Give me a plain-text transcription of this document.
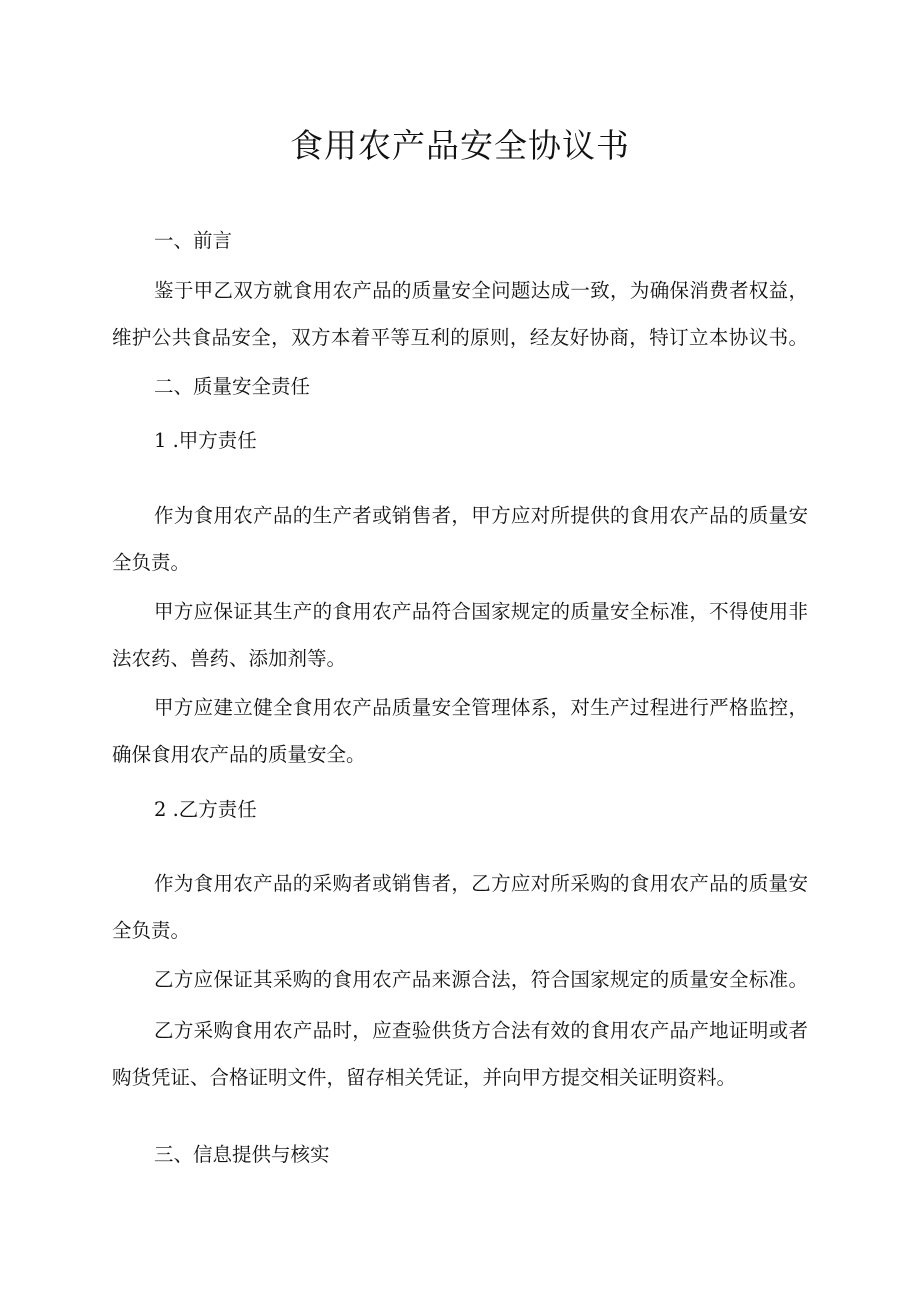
食用农产品安全协议书
一、前言
鉴于甲乙双方就食用农产品的质量安全问题达成一致，为确保消费者权益，
维护公共食品安全，双方本着平等互利的原则，经友好协商，特订立本协议书。
二、质量安全责任
1 .甲方责任
作为食用农产品的生产者或销售者，甲方应对所提供的食用农产品的质量安
全负责。
甲方应保证其生产的食用农产品符合国家规定的质量安全标准，不得使用非
法农药、兽药、添加剂等。
甲方应建立健全食用农产品质量安全管理体系，对生产过程进行严格监控，
确保食用农产品的质量安全。
2 .乙方责任
作为食用农产品的采购者或销售者，乙方应对所采购的食用农产品的质量安
全负责。
乙方应保证其采购的食用农产品来源合法，符合国家规定的质量安全标准。
乙方采购食用农产品时，应查验供货方合法有效的食用农产品产地证明或者
购货凭证、合格证明文件，留存相关凭证，并向甲方提交相关证明资料。
三、信息提供与核实
